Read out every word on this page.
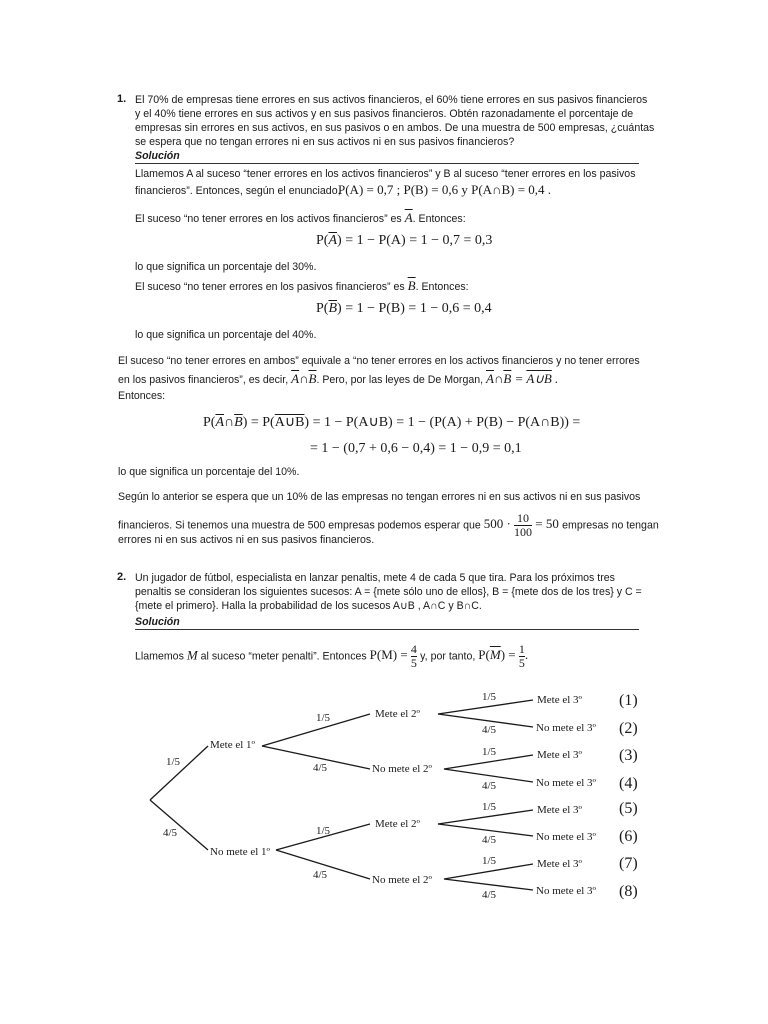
1. El 70% de empresas tiene errores en sus activos financieros, el 60% tiene errores en sus pasivos financieros y el 40% tiene errores en sus activos y en sus pasivos financieros. Obtén razonadamente el porcentaje de empresas sin errores en sus activos, en sus pasivos o en ambos. De una muestra de 500 empresas, ¿cuántas se espera que no tengan errores ni en sus activos ni en sus pasivos financieros?
Solución
Llamemos A al suceso “tener errores en los activos financieros” y B al suceso “tener errores en los pasivos
financieros”. Entonces, según el enunciado,
P(A) = 0,7 ; P(B) = 0,6 y P(A∩B) = 0,4 .
El suceso “no tener errores en los activos financieros” es $\overline{A}$. Entonces:
$P(\overline{A}) = 1 - P(A) = 1 - 0,7 = 0,3$
lo que significa un porcentaje del 30%.
El suceso “no tener errores en los pasivos financieros” es $\overline{B}$. Entonces:
$P(\overline{B}) = 1 - P(B) = 1 - 0,6 = 0,4$
lo que significa un porcentaje del 40%.
El suceso “no tener errores en ambos” equivale a “no tener errores en los activos financieros y no tener errores
en los pasivos financieros”, es decir, $\overline{A}\cap\overline{B}$. Pero, por las leyes de De Morgan, $\overline{A}\cap\overline{B}$ = A∪B .
Entonces:
$P(\overline{A}\cap\overline{B})$ = P(A∪B) = 1 − P(A∪B) = 1 − (P(A) + P(B) − P(A∩B)) =
= 1 − (0,7 + 0,6 − 0,4) = 1 − 0,9 = 0,1
lo que significa un porcentaje del 10%.
Según lo anterior se espera que un 10% de las empresas no tengan errores ni en sus activos ni en sus pasivos
financieros. Si tenemos una muestra de 500 empresas podemos esperar que $500 \cdot \frac{10}{100} = 50$ empresas no tengan
errores ni en sus activos ni en sus pasivos financieros.
2. Un jugador de fútbol, especialista en lanzar penaltis, mete 4 de cada 5 que tira. Para los próximos tres penaltis se consideran los siguientes sucesos: A = {mete sólo uno de ellos}, B = {mete dos de los tres} y C = {mete el primero}. Halla la probabilidad de los sucesos A∪B , A∩C y B∩C.
Solución
Llamemos M al suceso “meter penalti”. Entonces $P(M) = \frac{4}{5} y$, por tanto, $P(\overline{M}) = \frac{1}{5}$ .
Mete el 1º
1/5
No mete el 1º
4/5
Mete el 2º
1/5
No mete el 2º
4/5
Mete el 2º
1/5
No mete el 2º
4/5
Mete el 3º
1/5
No mete el 3º
4/5
Mete el 3º
1/5
No mete el 3º
4/5
Mete el 3º
1/5
No mete el 3º
4/5
Mete el 3º
1/5
No mete el 3º
4/5
(1)
(2)
(3)
(4)
(5)
(6)
(7)
(8)
